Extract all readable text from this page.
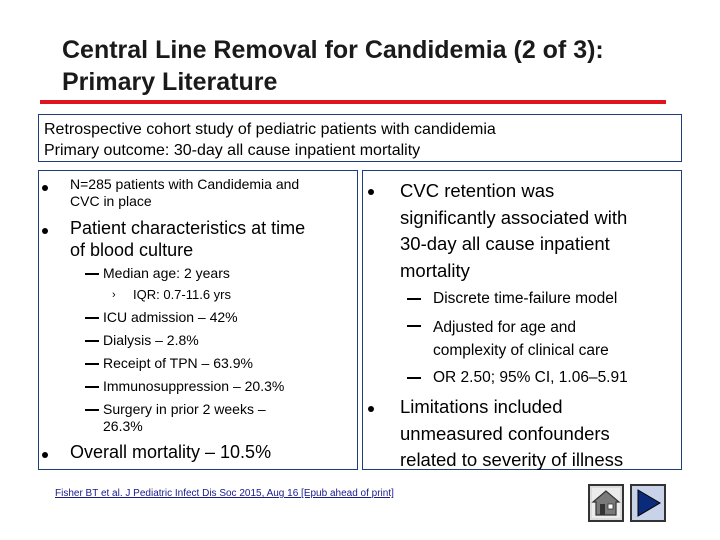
Central Line Removal for Candidemia (2 of 3):
Primary Literature
Retrospective cohort study of pediatric patients with candidemia
Primary outcome: 30-day all cause inpatient mortality
N=285 patients with Candidemia and
CVC in place
Patient characteristics at time
of blood culture
Median age: 2 years
› IQR: 0.7-11.6 yrs
ICU admission – 42%
Dialysis – 2.8%
Receipt of TPN – 63.9%
Immunosuppression – 20.3%
Surgery in prior 2 weeks –
26.3%
Overall mortality – 10.5%
CVC retention was
significantly associated with
30-day all cause inpatient
mortality
Discrete time-failure model
Adjusted for age and
complexity of clinical care
OR 2.50; 95% CI, 1.06–5.91
Limitations included
unmeasured confounders
related to severity of illness
Fisher BT et al. J Pediatric Infect Dis Soc 2015, Aug 16 [Epub ahead of print]
